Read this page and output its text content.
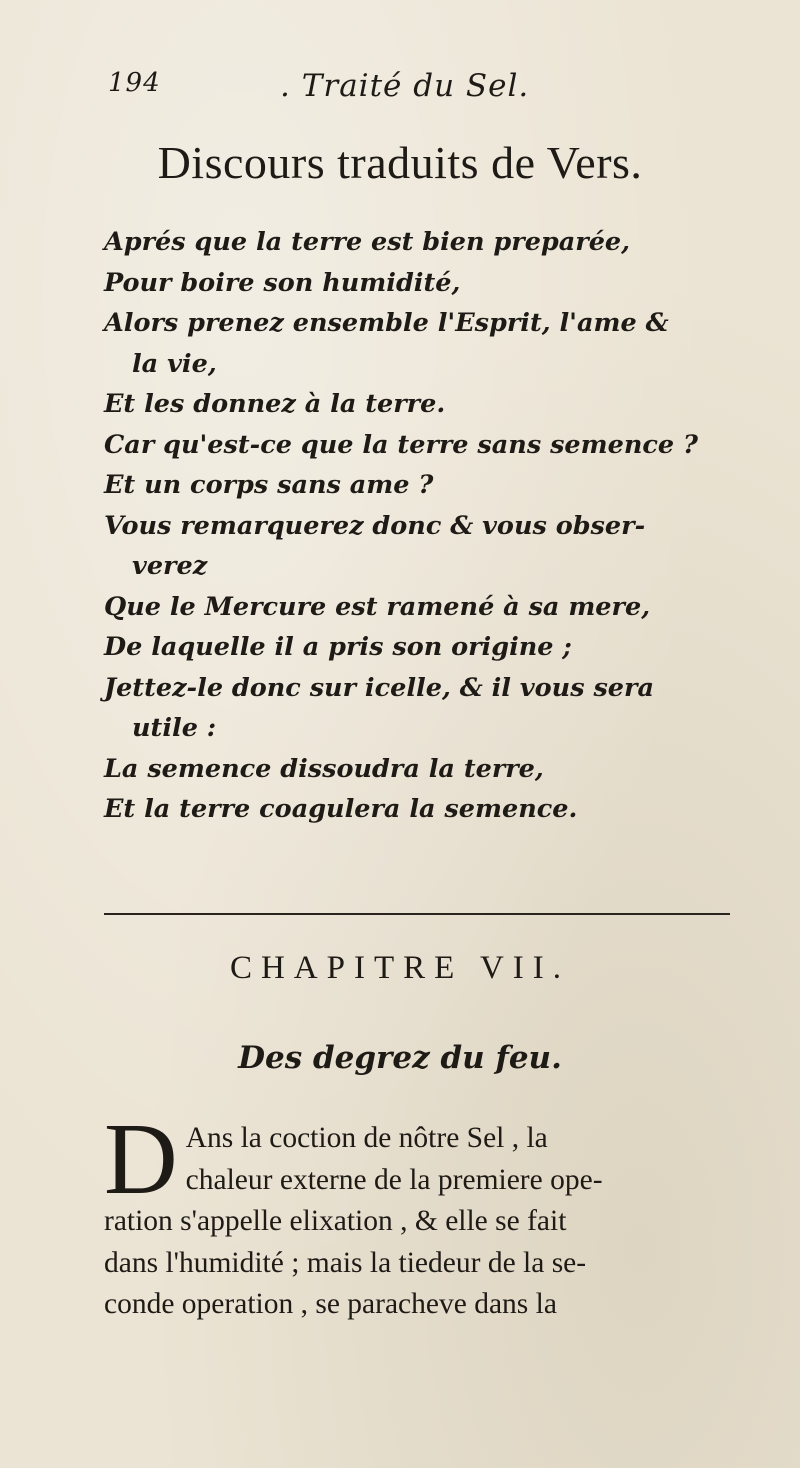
194	. Traité du Sel.
Discours traduits de Vers.
Aprés que la terre est bien preparée,
Pour boire son humidité,
Alors prenez ensemble l'Esprit, l'ame &
la vie,
Et les donnez à la terre.
Car qu'est-ce que la terre sans semence ?
Et un corps sans ame ?
Vous remarquerez donc & vous obser-
verez
Que le Mercure est ramené à sa mere,
De laquelle il a pris son origine ;
Jettez-le donc sur icelle, & il vous sera
utile :
La semence dissoudra la terre,
Et la terre coagulera la semence.
CHAPITRE VII.
Des degrez du feu.
D Ans la coction de nôtre Sel , la
chaleur externe de la premiere ope-
ration s'appelle elixation , & elle se fait
dans l'humidité ; mais la tiedeur de la se-
conde operation , se paracheve dans la
